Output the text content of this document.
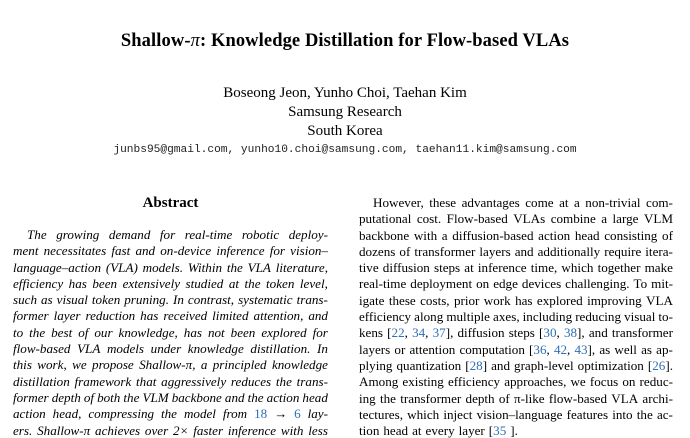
Shallow-π: Knowledge Distillation for Flow-based VLAs
Boseong Jeon, Yunho Choi, Taehan Kim
Samsung Research
South Korea
junbs95@gmail.com, yunho10.choi@samsung.com, taehan11.kim@samsung.com
Abstract
The growing demand for real-time robotic deploy-
ment necessitates fast and on-device inference for vision–
language–action (VLA) models. Within the VLA literature,
efficiency has been extensively studied at the token level,
such as visual token pruning. In contrast, systematic trans-
former layer reduction has received limited attention, and
to the best of our knowledge, has not been explored for
flow-based VLA models under knowledge distillation. In
this work, we propose Shallow-π, a principled knowledge
distillation framework that aggressively reduces the trans-
former depth of both the VLM backbone and the action head
action head, compressing the model from 18 → 6 lay-
ers. Shallow-π achieves over 2× faster inference with less
However, these advantages come at a non-trivial com-
putational cost. Flow-based VLAs combine a large VLM
backbone with a diffusion-based action head consisting of
dozens of transformer layers and additionally require itera-
tive diffusion steps at inference time, which together make
real-time deployment on edge devices challenging. To mit-
igate these costs, prior work has explored improving VLA
efficiency along multiple axes, including reducing visual to-
kens [22, 34, 37], diffusion steps [30, 38], and transformer
layers or attention computation [36, 42, 43], as well as ap-
plying quantization [28] and graph-level optimization [26].
Among existing efficiency approaches, we focus on reduc-
ing the transformer depth of π-like flow-based VLA archi-
tectures, which inject vision–language features into the ac-
tion head at every layer [35 ].
